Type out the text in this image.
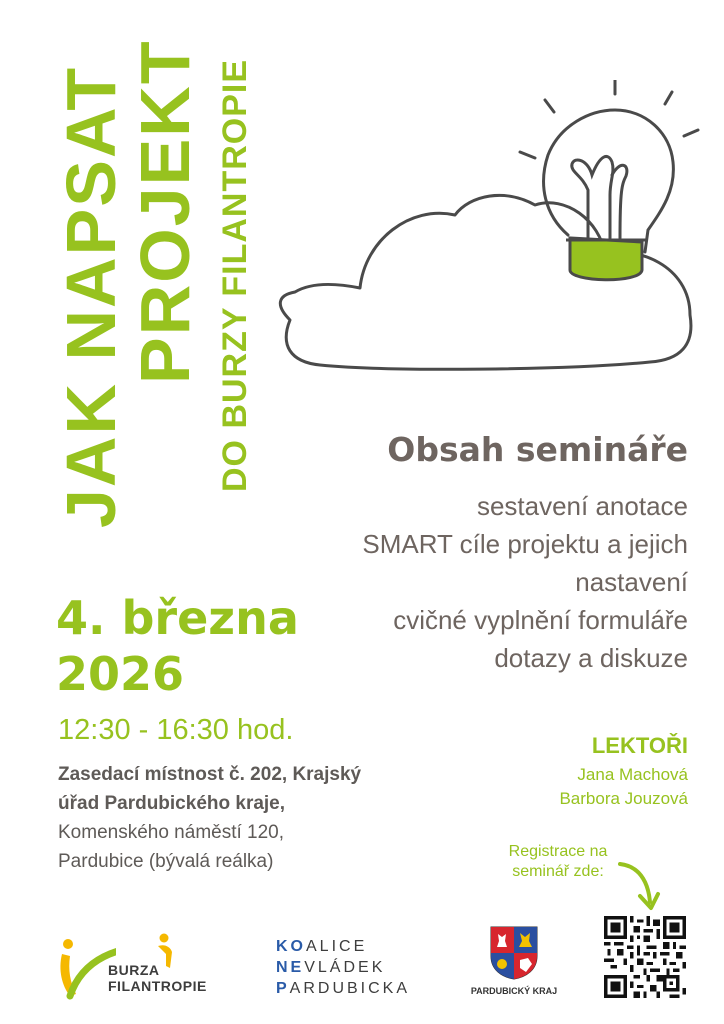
JAK NAPSAT
PROJEKT DO BURZY FILANTROPIE	Obsah semináře
sestavení anotace
SMART cíle projektu a jejich
nastavení
cvičné vyplnění formuláře
dotazy a diskuze
4. března
2026
12:30 - 16:30 hod.
Zasedací místnost č. 202, Krajský úřad Pardubického kraje, Komenského náměstí 120, Pardubice (bývalá reálka)
LEKTOŘI
Jana Machová
Barbora Jouzová
Registrace na seminář zde:
BURZA
FILANTROPIE
KOALICE
NEVLÁDEK
PARDUBICKA	PARDUBICKÝ KRAJ
